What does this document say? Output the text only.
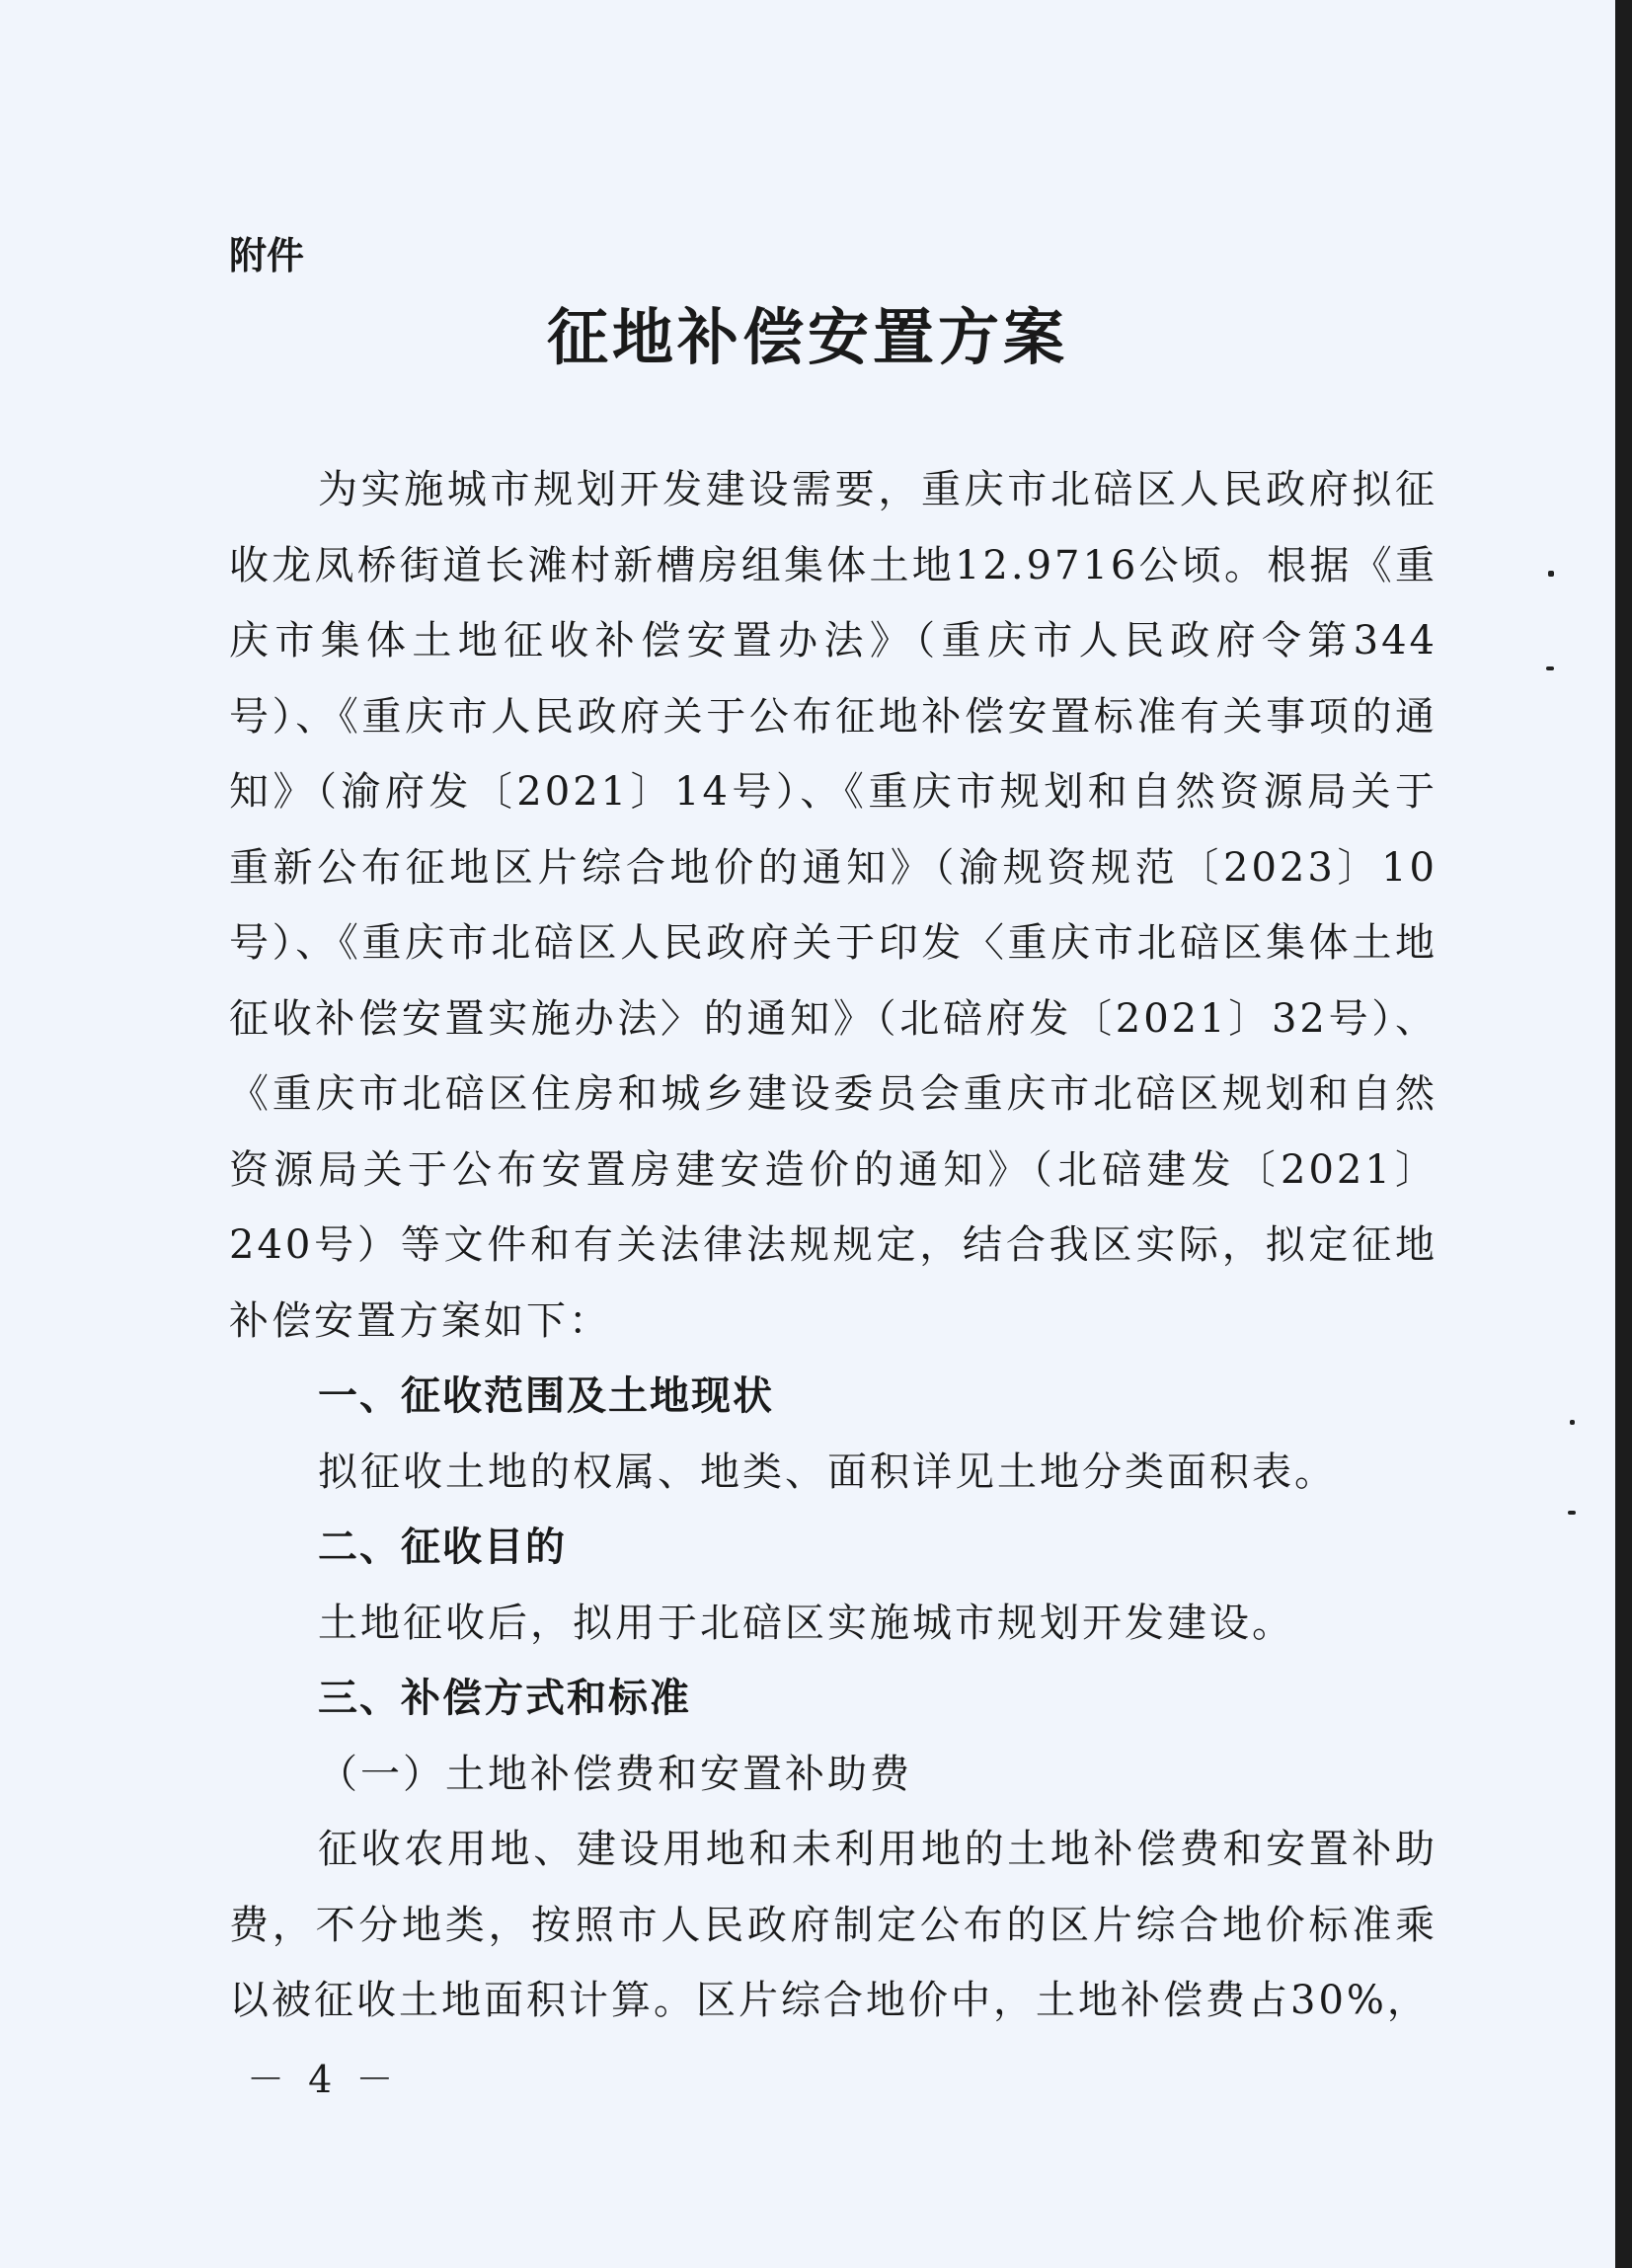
附件
征地补偿安置方案

为实施城市规划开发建设需要，重庆市北碚区人民政府拟征收龙凤桥街道长滩村新槽房组集体土地12.9716公顷。根据《重庆市集体土地征收补偿安置办法》（重庆市人民政府令第344号）、《重庆市人民政府关于公布征地补偿安置标准有关事项的通知》（渝府发〔2021〕14号）、《重庆市规划和自然资源局关于重新公布征地区片综合地价的通知》（渝规资规范〔2023〕10号）、《重庆市北碚区人民政府关于印发〈重庆市北碚区集体土地征收补偿安置实施办法〉的通知》（北碚府发〔2021〕32号）、《重庆市北碚区住房和城乡建设委员会重庆市北碚区规划和自然资源局关于公布安置房建安造价的通知》（北碚建发〔2021〕240号）等文件和有关法律法规规定，结合我区实际，拟定征地补偿安置方案如下：

一、征收范围及土地现状

拟征收土地的权属、地类、面积详见土地分类面积表。

二、征收目的

土地征收后，拟用于北碚区实施城市规划开发建设。

三、补偿方式和标准

（一）土地补偿费和安置补助费

征收农用地、建设用地和未利用地的土地补偿费和安置补助费，不分地类，按照市人民政府制定公布的区片综合地价标准乘以被征收土地面积计算。区片综合地价中，土地补偿费占30%，

－ 4 －
